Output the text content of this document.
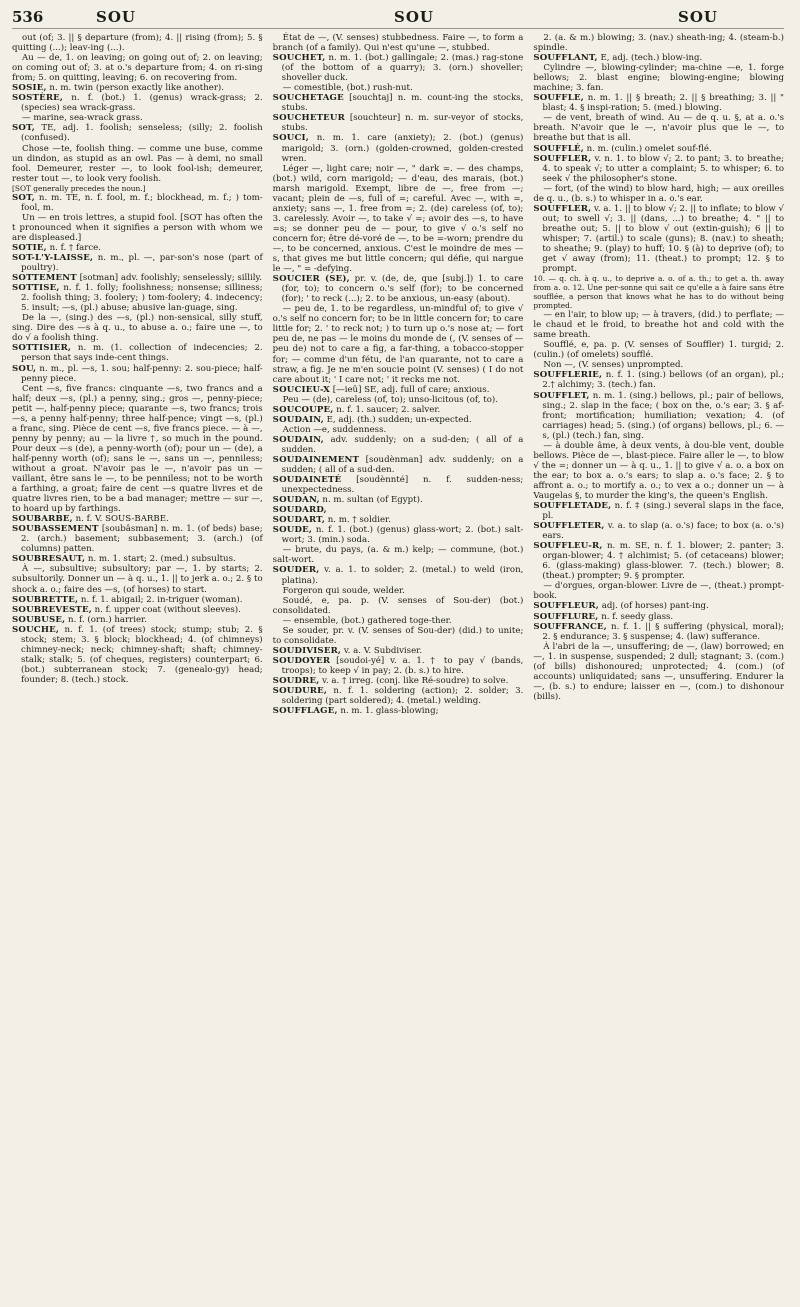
536	SOU	SOU	SOU

out (of; 3. || § departure (from); 4. || rising (from); 5. § quitting (...); leav-ing (...).

Au — de, 1. on leaving; on going out of; 2. on leaving; on coming out of; 3. at o.'s departure from; 4. on ri-sing from; 5. on quitting, leaving; 6. on recovering from.

SOSIE, n. m. twin (person exactly like another).

SOSTÈRE, n. f. (bot.) 1. (genus) wrack-grass; 2. (species) sea wrack-grass.

— marine, sea-wrack grass.

SOT, TE, adj. 1. foolish; senseless; (silly; 2. foolish (confused).

Chose —te, foolish thing. — comme une buse, comme un dindon, as stupid as an owl. Pas — à demi, no small fool. Demeurer, rester —, to look fool-ish; demeurer, rester tout —, to look very foolish.

[SOT generally precedes the noun.]

SOT, n. m. TE, n. f. fool, m. f.; blockhead, m. f.; ) tom-fool, m.

Un — en trois lettres, a stupid fool. [SOT has often the t pronounced when it signifies a person with whom we are displeased.]

SOTIE, n. f. † farce.

SOT-L'Y-LAISSE, n. m., pl. —, par-son's nose (part of poultry).

SOTTEMENT [sotman] adv. foolishly; senselessly; sillily.

SOTTISE, n. f. 1. folly; foolishness; nonsense; silliness; 2. foolish thing; 3. foolery; ) tom-foolery; 4. indecency; 5. insult; —s, (pl.) abuse; abusive lan-guage, sing.

De la —, (sing.) des —s, (pl.) non-sensical, silly stuff, sing. Dire des —s à q. u., to abuse a. o.; faire une —, to do √ a foolish thing.

SOTTISIER, n. m. (1. collection of indecencies; 2. person that says inde-cent things.

SOU, n. m., pl. —s, 1. sou; half-penny: 2. sou-piece; half-penny piece.

Cent —s, five francs: cinquante —s, two francs and a half; deux —s, (pl.) a penny, sing.; gros —, penny-piece; petit —, half-penny piece; quarante —s, two francs; trois —s, a penny half-penny; three half-pence; vingt —s, (pl.) a franc, sing. Pièce de cent —s, five francs piece. — à —, penny by penny; au — la livre †, so much in the pound. Pour deux —s (de), a penny-worth (of); pour un — (de), a half-penny worth (of); sans le —, sans un —, penniless; without a groat. N'avoir pas le —, n'avoir pas un — vaillant, être sans le —, to be penniless; not to be worth a farthing, a groat; faire de cent —s quatre livres et de quatre livres rien, to be a bad manager; mettre — sur —, to hoard up by farthings.

SOUBARBE, n. f. V. SOUS-BARBE.

SOUBASSEMENT [soubâsman] n. m. 1. (of beds) base; 2. (arch.) basement; subbasement; 3. (arch.) (of columns) patten.

SOUBRESAUT, n. m. 1. start; 2. (med.) subsultus.

À —, subsultive; subsultory; par —, 1. by starts; 2. subsultorily. Donner un — à q. u., 1. || to jerk a. o.; 2. § to shock a. o.; faire des —s, (of horses) to start.

SOUBRETTE, n. f. 1. abigail; 2. in-triguer (woman).

SOUBREVESTE, n. f. upper coat (without sleeves).

SOUBUSE, n. f. (orn.) harrier.

SOUCHE, n. f. 1. (of trees) stock; stump; stub; 2. § stock; stem; 3. § block; blockhead; 4. (of chimneys) chimney-neck; neck; chimney-shaft; shaft; chimney-stalk; stalk; 5. (of cheques, registers) counterpart; 6. (bot.) subterranean stock; 7. (genealo-gy) head; founder; 8. (tech.) stock.

État de —, (V. senses) stubbedness. Faire —, to form a branch (of a family). Qui n'est qu'une —, stubbed.

SOUCHET, n. m. 1. (bot.) gallingale; 2. (mas.) rag-stone (of the bottom of a quarry); 3. (orn.) shoveller; shoveller duck.

— comestible, (bot.) rush-nut.

SOUCHETAGE [souchtaj] n. m. count-ing the stocks, stubs.

SOUCHETEUR [souchteur] n. m. sur-veyor of stocks, stubs.

SOUCI, n. m. 1. care (anxiety); 2. (bot.) (genus) marigold; 3. (orn.) (golden-crowned, golden-crested wren.

Léger —, light care; noir —, " dark =. — des champs, (bot.) wild, corn marigold; — d'eau, des marais, (bot.) marsh marigold. Exempt, libre de —, free from —; vacant; plein de —s, full of =; careful. Avec —, with =, anxiety; sans —, 1. free from =; 2. (de) careless (of, to); 3. carelessly. Avoir —, to take √ =; avoir des —s, to have =s; se donner peu de — pour, to give √ o.'s self no concern for; être dé-voré de —, to be =-worn; prendre du —, to be concerned, anxious. C'est le moindre de mes —s, that gives me but little concern; qui défie, qui nargue le —, " = -defying.

SOUCIER (SE), pr. v. (de, de, que [subj.]) 1. to care (for, to); to concern o.'s self (for); to be concerned (for); ' to reck (...); 2. to be anxious, un-easy (about).

— peu de, 1. to be regardless, un-mindful of; to give √ o.'s self no concern for; to be in little concern for; to care little for; 2. ' to reck not; ) to turn up o.'s nose at; — fort peu de, ne pas — le moins du monde de (, (V. senses of — peu de) not to care a fig, a far-thing, a tobacco-stopper for; — comme d'un fétu, de l'an quarante, not to care a straw, a fig. Je ne m'en soucie point (V. senses) ( I do not care about it; ' I care not; ' it recks me not.

SOUCIEU-X [—ieû] SE, adj. full of care; anxious.

Peu — (de), careless (of, to); unso-licitous (of, to).

SOUCOUPE, n. f. 1. saucer; 2. salver.

SOUDAIN, E, adj. (th.) sudden; un-expected.

Action —e, suddenness.

SOUDAIN, adv. suddenly; on a sud-den; ( all of a sudden.

SOUDAINEMENT [soudènman] adv. suddenly; on a sudden; ( all of a sud-den.

SOUDAINETÉ [soudènnté] n. f. sudden-ness; unexpectedness.

SOUDAN, n. m. sultan (of Egypt).

SOUDARD,

SOUDART, n. m. † soldier.

SOUDE, n. f. 1. (bot.) (genus) glass-wort; 2. (bot.) salt-wort; 3. (min.) soda.

— brute, du pays, (a. & m.) kelp; — commune, (bot.) salt-wort.

SOUDER, v. a. 1. to solder; 2. (metal.) to weld (iron, platina).

Forgeron qui soude, welder.

Soudé, e, pa. p. (V. senses of Sou-der) (bot.) consolidated.

— ensemble, (bot.) gathered toge-ther.

Se souder, pr. v. (V. senses of Sou-der) (did.) to unite; to consolidate.

SOUDIVISER, v. a. V. Subdiviser.

SOUDOYER [soudoi-yé] v. a. 1. † to pay √ (bands, troops); to keep √ in pay; 2. (b. s.) to hire.

SOUDRE, v. a. † irreg. (conj. like Ré-soudre) to solve.

SOUDURE, n. f. 1. soldering (action); 2. solder; 3. soldering (part soldered); 4. (metal.) welding.

SOUFFLAGE, n. m. 1. glass-blowing;

2. (a. & m.) blowing; 3. (nav.) sheath-ing; 4. (steam-b.) spindle.

SOUFFLANT, E, adj. (tech.) blow-ing.

Cylindre —, blowing-cylinder; ma-chine —e, 1. forge bellows; 2. blast engine; blowing-engine; blowing machine; 3. fan.

SOUFFLE, n. m. 1. || § breath; 2. || § breathing; 3. || " blast; 4. § inspi-ration; 5. (med.) blowing.

— de vent, breath of wind. Au — de q. u. §, at a. o.'s breath. N'avoir que le —, n'avoir plus que le —, to breathe but that is all.

SOUFFLÉ, n. m. (culin.) omelet souf-flé.

SOUFFLER, v. n. 1. to blow √; 2. to pant; 3. to breathe; 4. to speak √; to utter a complaint; 5. to whisper; 6. to seek √ the philosopher's stone.

— fort, (of the wind) to blow hard, high; — aux oreilles de q. u., (b. s.) to whisper in a. o.'s ear.

SOUFFLER, v. a. 1. || to blow √; 2. || to inflate; to blow √ out; to swell √; 3. || (dans, ...) to breathe; 4. " || to breathe out; 5. || to blow √ out (extin-guish); 6 || to whisper; 7. (artil.) to scale (guns); 8. (nav.) to sheath; to sheathe; 9. (play) to huff; 10. § (à) to deprive (of); to get √ away (from); 11. (theat.) to prompt; 12. § to prompt.

10. — q. ch. à q. u., to deprive a. o. of a. th.; to get a. th. away from a. o. 12. Une per-sonne qui sait ce qu'elle a à faire sans être soufflée, a person that knows what he has to do without being prompted.

— en l'air, to blow up; — à travers, (did.) to perflate; — le chaud et le froid, to breathe hot and cold with the same breath.

Soufflé, e, pa. p. (V. senses of Souffler) 1. turgid; 2. (culin.) (of omelets) soufflé.

Non —, (V. senses) unprompted.

SOUFFLERIE, n. f. 1. (sing.) bellows (of an organ), pl.; 2.† alchimy; 3. (tech.) fan.

SOUFFLET, n. m. 1. (sing.) bellows, pl.; pair of bellows, sing.; 2. slap in the face; ( box on the, o.'s ear; 3. § af-front; mortification; humiliation; vexation; 4. (of carriages) head; 5. (sing.) (of organs) bellows, pl.; 6. —s, (pl.) (tech.) fan, sing.

— à double âme, à deux vents, à dou-ble vent, double bellows. Pièce de —, blast-piece. Faire aller le —, to blow √ the =; donner un — à q. u., 1. || to give √ a. o. a box on the ear; to box a. o.'s ears; to slap a. o.'s face; 2. § to affront a. o.; to mortify a. o.; to vex a o.; donner un — à Vaugelas §, to murder the king's, the queen's English.

SOUFFLETADE, n. f. ‡ (sing.) several slaps in the face, pl.

SOUFFLETER, v. a. to slap (a. o.'s) face; to box (a. o.'s) ears.

SOUFFLEU-R, n. m. SE, n. f. 1. blower; 2. panter; 3. organ-blower; 4. † alchimist; 5. (of cetaceans) blower; 6. (glass-making) glass-blower. 7. (tech.) blower; 8. (theat.) prompter; 9. § prompter.

— d'orgues, organ-blower. Livre de —, (theat.) prompt-book.

SOUFFLEUR, adj. (of horses) pant-ing.

SOUFFLURE, n. f. seedy glass.

SOUFFRANCE, n. f. 1. || § suffering (physical, moral); 2. § endurance; 3. § suspense; 4. (law) sufferance.

À l'abri de la —, unsuffering; de —, (law) borrowed; en —, 1. in suspense, suspended; 2 dull; stagnant; 3. (com.) (of bills) dishonoured; unprotected; 4. (com.) (of accounts) unliquidated; sans —, unsuffering. Endurer la —, (b. s.) to endure; laisser en —, (com.) to dishonour (bills).
